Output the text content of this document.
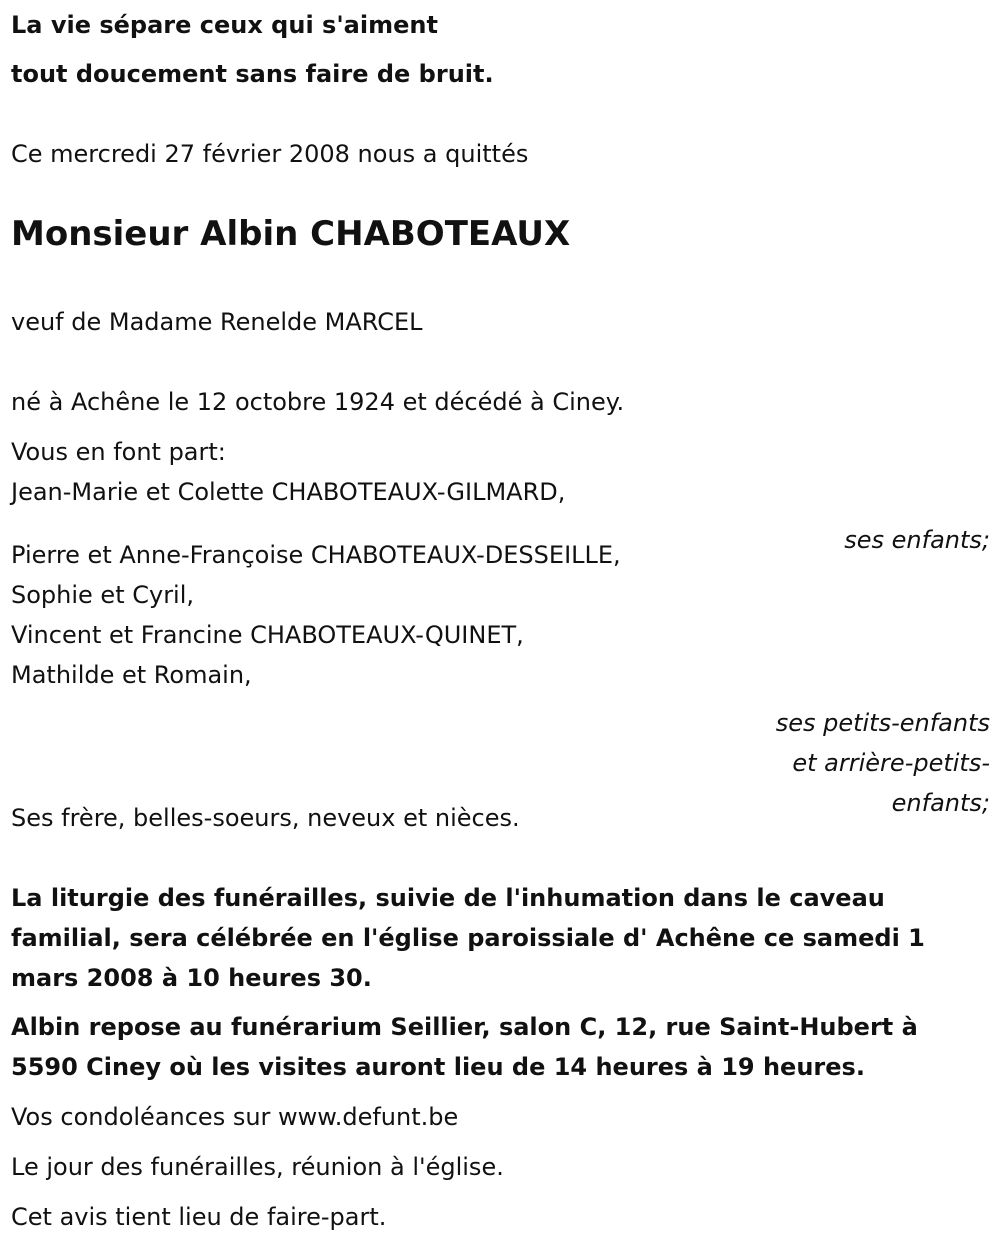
La vie sépare ceux qui s'aiment

tout doucement sans faire de bruit.

Ce mercredi 27 février 2008 nous a quittés

Monsieur Albin CHABOTEAUX

veuf de Madame Renelde MARCEL

né à Achêne le 12 octobre 1924 et décédé à Ciney.

Vous en font part:

Jean-Marie et Colette CHABOTEAUX-GILMARD,

ses enfants;

Pierre et Anne-Françoise CHABOTEAUX-DESSEILLE,

Sophie et Cyril,

Vincent et Francine CHABOTEAUX-QUINET,

Mathilde et Romain,

ses petits-enfants

et arrière-petits-

enfants;

Ses frère, belles-soeurs, neveux et nièces.

La liturgie des funérailles, suivie de l'inhumation dans le caveau

familial, sera célébrée en l'église paroissiale d' Achêne ce samedi 1

mars 2008 à 10 heures 30.

Albin repose au funérarium Seillier, salon C, 12, rue Saint-Hubert à

5590 Ciney où les visites auront lieu de 14 heures à 19 heures.

Vos condoléances sur www.defunt.be

Le jour des funérailles, réunion à l'église.

Cet avis tient lieu de faire-part.
